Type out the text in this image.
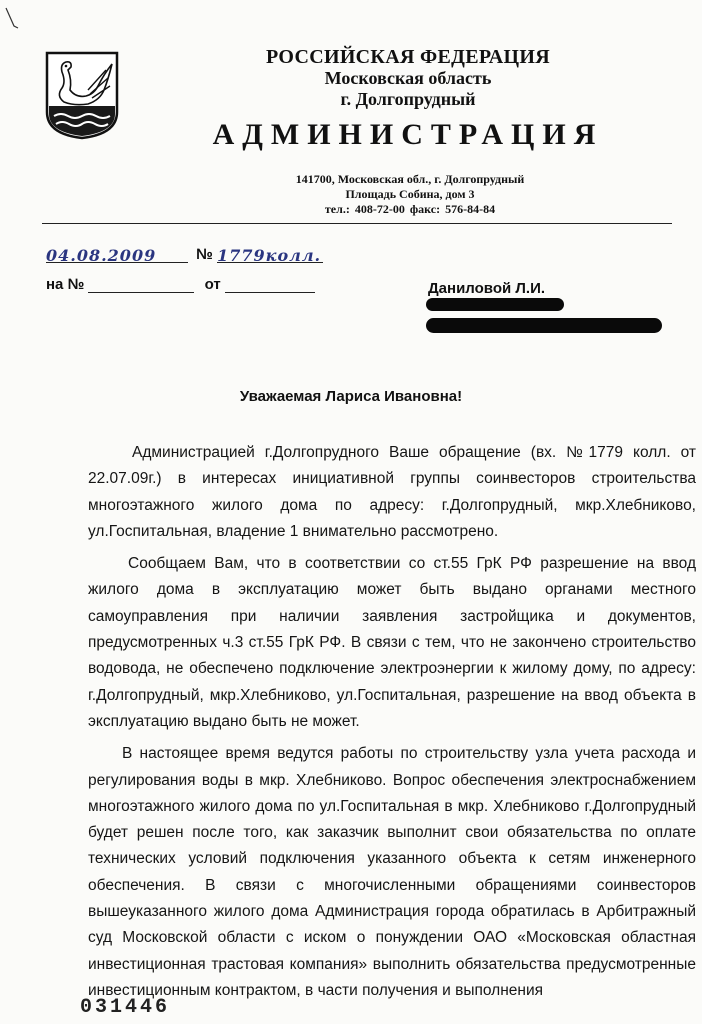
РОССИЙСКАЯ ФЕДЕРАЦИЯ
Московская область
г. Долгопрудный
АДМИНИСТРАЦИЯ
141700, Московская обл., г. Долгопрудный
Площадь Собина, дом 3
тел.: 408-72-00 факс: 576-84-84
04.08.2009	№ 1779колл.
на №	от	Даниловой Л.И.
Уважаемая Лариса Ивановна!

Администрацией г.Долгопрудного Ваше обращение (вх. №1779 колл. от 22.07.09г.) в интересах инициативной группы соинвесторов строительства многоэтажного жилого дома по адресу: г.Долгопрудный, мкр.Хлебниково, ул.Госпитальная, владение 1 внимательно рассмотрено.

Сообщаем Вам, что в соответствии со ст.55 ГрК РФ разрешение на ввод жилого дома в эксплуатацию может быть выдано органами местного самоуправления при наличии заявления застройщика и документов, предусмотренных ч.3 ст.55 ГрК РФ. В связи с тем, что не закончено строительство водовода, не обеспечено подключение электроэнергии к жилому дому, по адресу: г.Долгопрудный, мкр.Хлебниково, ул.Госпитальная, разрешение на ввод объекта в эксплуатацию выдано быть не может.

В настоящее время ведутся работы по строительству узла учета расхода и регулирования воды в мкр. Хлебниково. Вопрос обеспечения электроснабжением многоэтажного жилого дома по ул.Госпитальная в мкр. Хлебниково г.Долгопрудный будет решен после того, как заказчик выполнит свои обязательства по оплате технических условий подключения указанного объекта к сетям инженерного обеспечения. В связи с многочисленными обращениями соинвесторов вышеуказанного жилого дома Администрация города обратилась в Арбитражный суд Московской области с иском о понуждении ОАО «Московская областная инвестиционная трастовая компания» выполнить обязательства предусмотренные инвестиционным контрактом, в части получения и выполнения

031446
